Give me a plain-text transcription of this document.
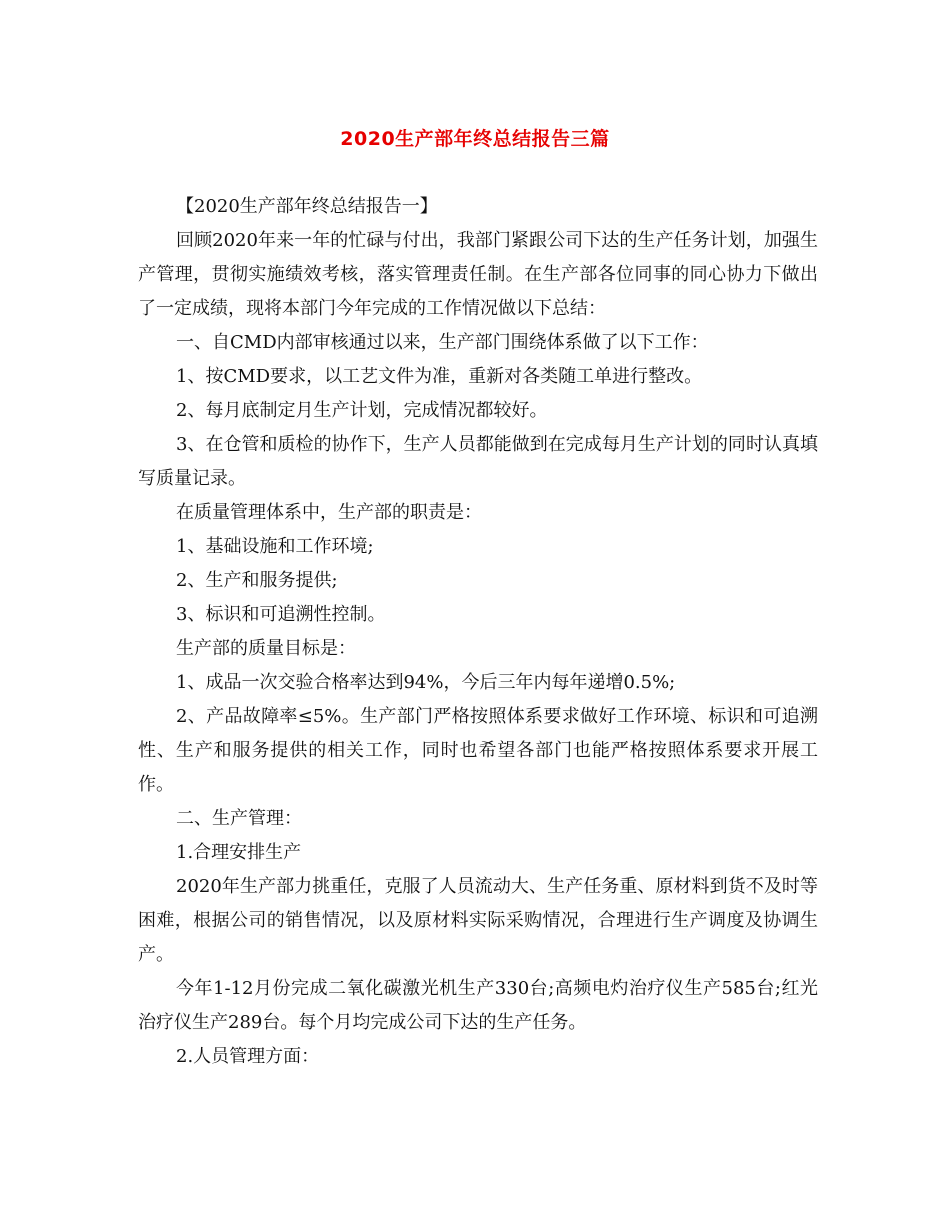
2020生产部年终总结报告三篇

【2020生产部年终总结报告一】

回顾2020年来一年的忙碌与付出，我部门紧跟公司下达的生产任务计划，加强生产管理，贯彻实施绩效考核，落实管理责任制。在生产部各位同事的同心协力下做出了一定成绩，现将本部门今年完成的工作情况做以下总结：

一、自CMD内部审核通过以来，生产部门围绕体系做了以下工作：

1、按CMD要求，以工艺文件为准，重新对各类随工单进行整改。

2、每月底制定月生产计划，完成情况都较好。

3、在仓管和质检的协作下，生产人员都能做到在完成每月生产计划的同时认真填写质量记录。

在质量管理体系中，生产部的职责是：

1、基础设施和工作环境;

2、生产和服务提供;

3、标识和可追溯性控制。

生产部的质量目标是：

1、成品一次交验合格率达到94%，今后三年内每年递增0.5%;

2、产品故障率≤5%。生产部门严格按照体系要求做好工作环境、标识和可追溯性、生产和服务提供的相关工作，同时也希望各部门也能严格按照体系要求开展工作。

二、生产管理：

1.合理安排生产

2020年生产部力挑重任，克服了人员流动大、生产任务重、原材料到货不及时等困难，根据公司的销售情况，以及原材料实际采购情况，合理进行生产调度及协调生产。

今年1-12月份完成二氧化碳激光机生产330台;高频电灼治疗仪生产585台;红光治疗仪生产289台。每个月均完成公司下达的生产任务。

2.人员管理方面：
